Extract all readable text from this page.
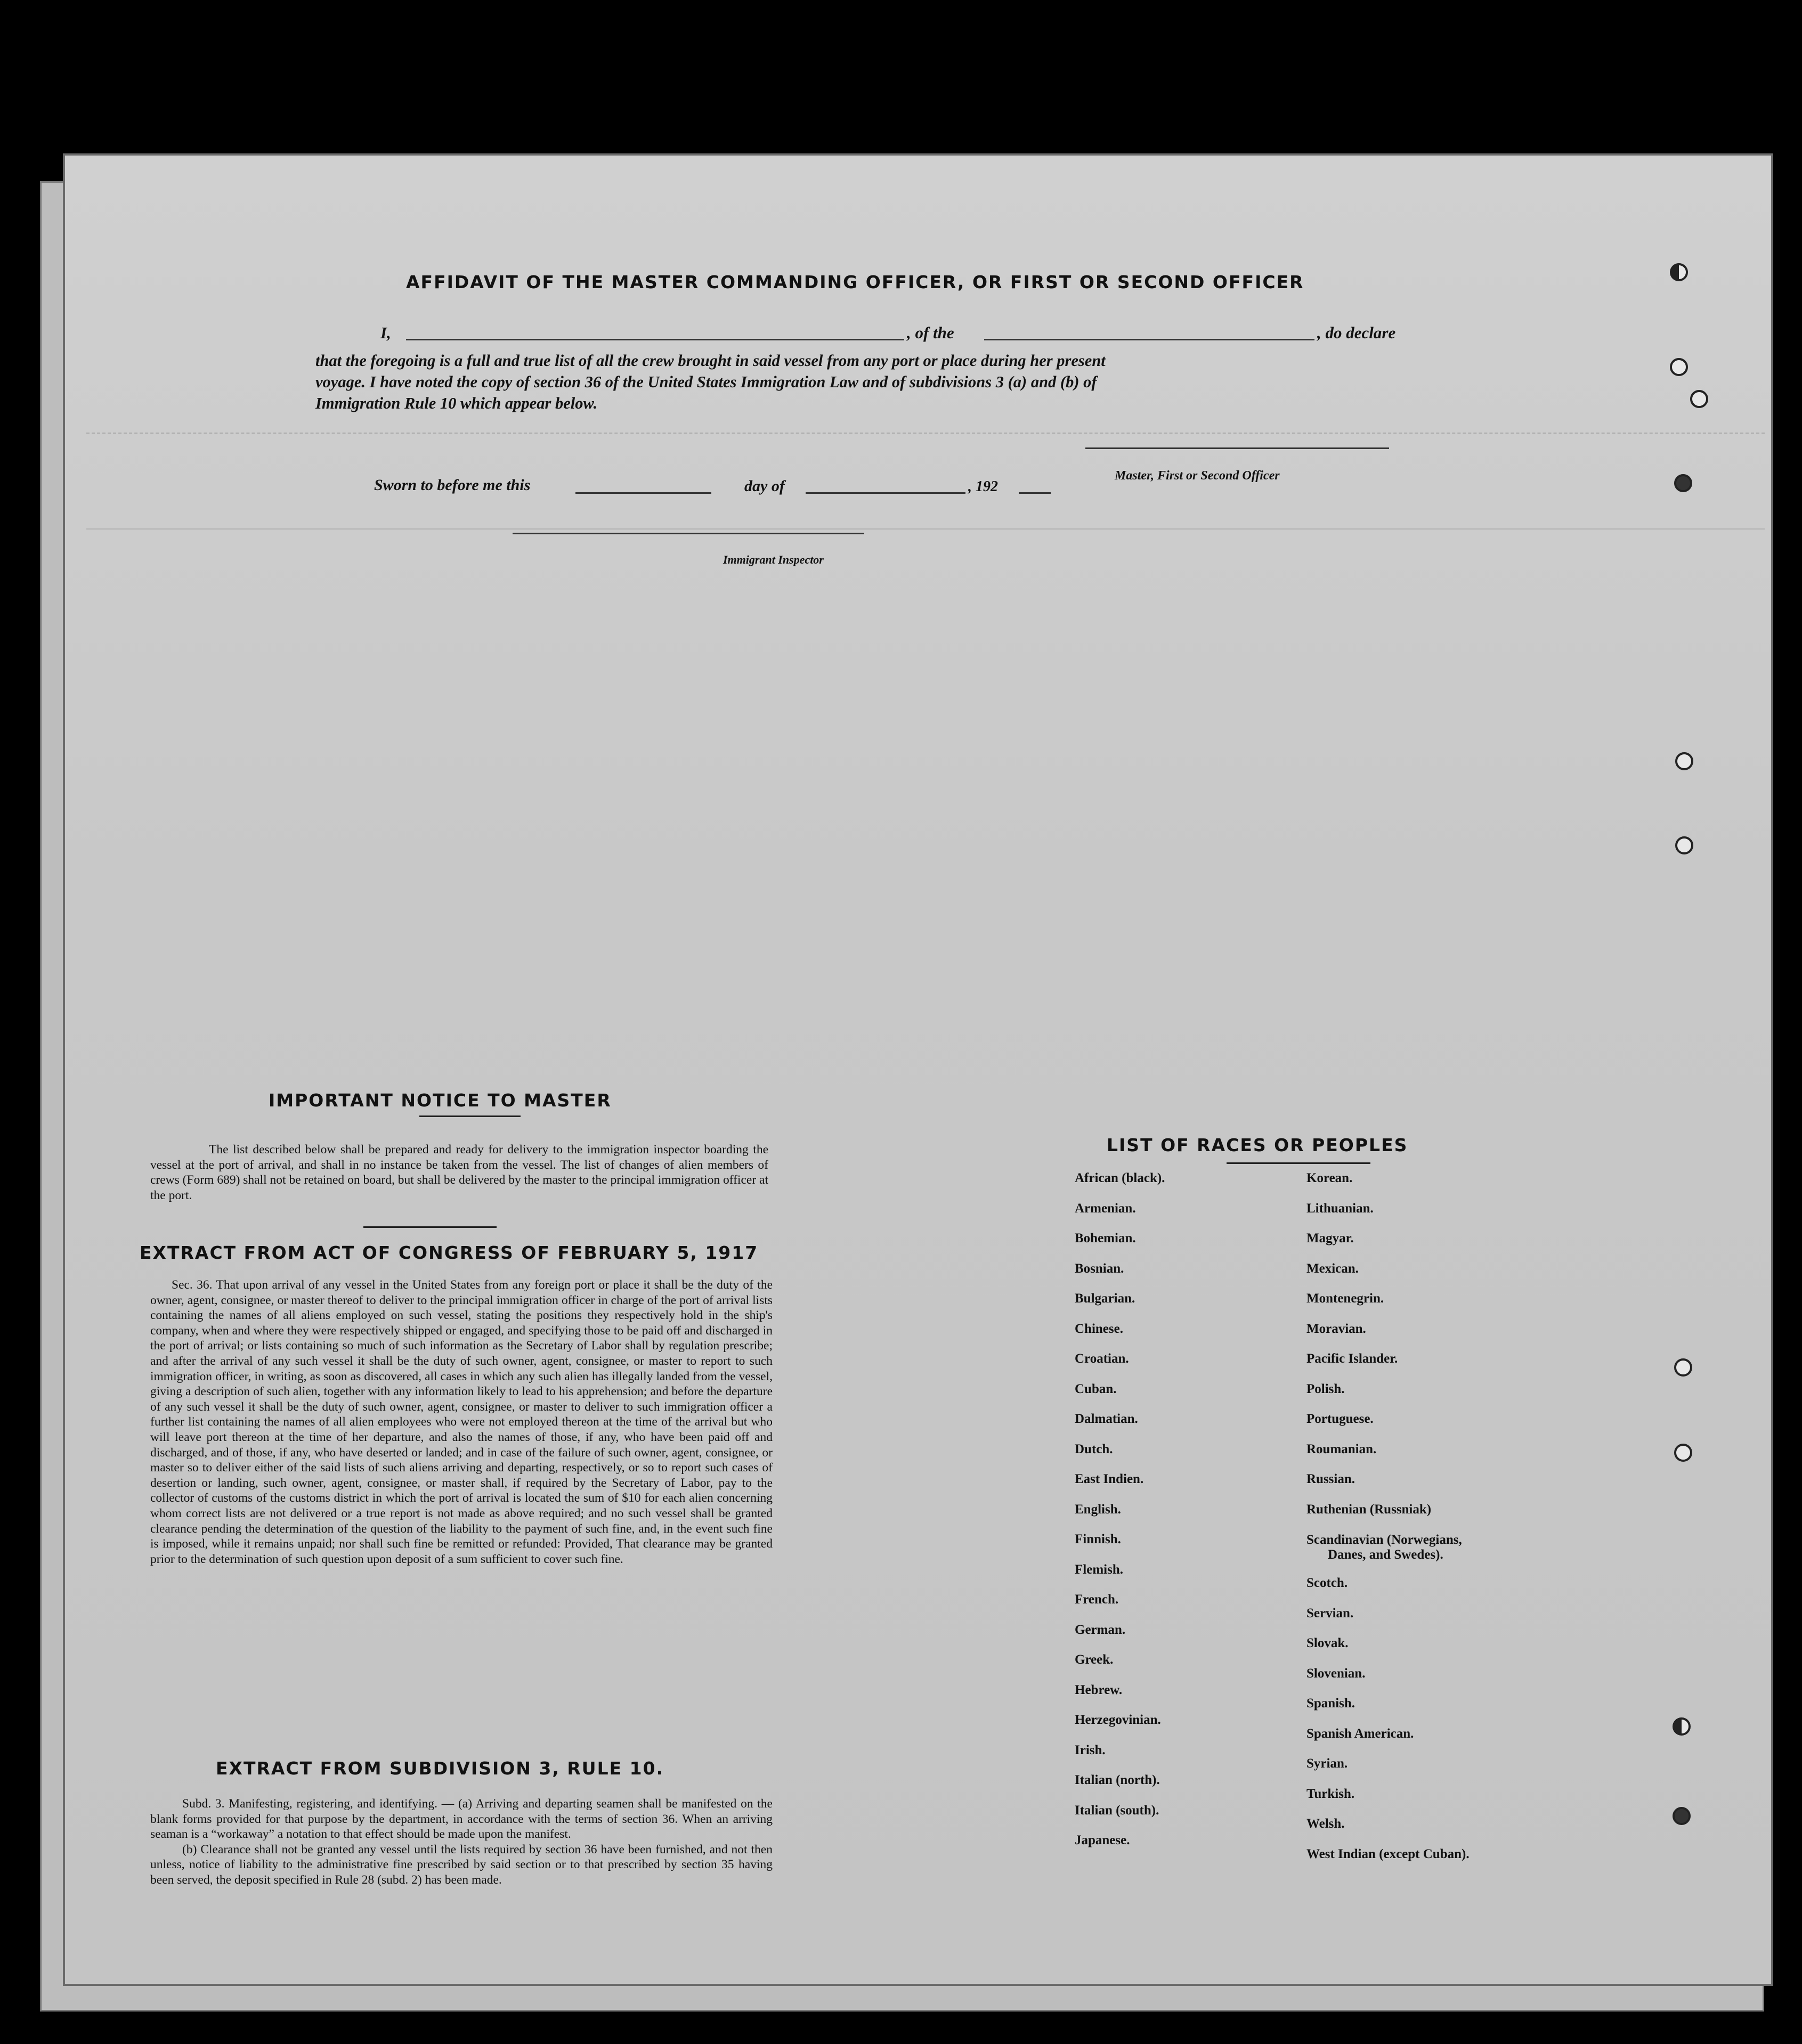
AFFIDAVIT OF THE MASTER COMMANDING OFFICER, OR FIRST OR SECOND OFFICER
I,	, of the	, do declare
that the foregoing is a full and true list of all the crew brought in said vessel from any port or place during her present
voyage. I have noted the copy of section 36 of the United States Immigration Law and of subdivisions 3 (a) and (b) of
Immigration Rule 10 which appear below.
Master, First or Second Officer
Sworn to before me this	day of	, 192
Immigrant Inspector
IMPORTANT NOTICE TO MASTER

The list described below shall be prepared and ready for delivery to the immigration inspector boarding the vessel at the port of arrival, and shall in no instance be taken from the vessel. The list of changes of alien members of crews (Form 689) shall not be retained on board, but shall be delivered by the master to the principal immigration officer at the port.

EXTRACT FROM ACT OF CONGRESS OF FEBRUARY 5, 1917

Sec. 36. That upon arrival of any vessel in the United States from any foreign port or place it shall be the duty of the owner, agent, consignee, or master thereof to deliver to the principal immigration officer in charge of the port of arrival lists containing the names of all aliens employed on such vessel, stating the positions they respectively hold in the ship's company, when and where they were respectively shipped or engaged, and specifying those to be paid off and discharged in the port of arrival; or lists containing so much of such information as the Secretary of Labor shall by regulation prescribe; and after the arrival of any such vessel it shall be the duty of such owner, agent, consignee, or master to report to such immigration officer, in writing, as soon as discovered, all cases in which any such alien has illegally landed from the vessel, giving a description of such alien, together with any information likely to lead to his apprehension; and before the departure of any such vessel it shall be the duty of such owner, agent, consignee, or master to deliver to such immigration officer a further list containing the names of all alien employees who were not employed thereon at the time of the arrival but who will leave port thereon at the time of her departure, and also the names of those, if any, who have been paid off and discharged, and of those, if any, who have deserted or landed; and in case of the failure of such owner, agent, consignee, or master so to deliver either of the said lists of such aliens arriving and departing, respectively, or so to report such cases of desertion or landing, such owner, agent, consignee, or master shall, if required by the Secretary of Labor, pay to the collector of customs of the customs district in which the port of arrival is located the sum of $10 for each alien concerning whom correct lists are not delivered or a true report is not made as above required; and no such vessel shall be granted clearance pending the determination of the question of the liability to the payment of such fine, and, in the event such fine is imposed, while it remains unpaid; nor shall such fine be remitted or refunded: Provided, That clearance may be granted prior to the determination of such question upon deposit of a sum sufficient to cover such fine.

EXTRACT FROM SUBDIVISION 3, RULE 10.

Subd. 3. Manifesting, registering, and identifying. — (a) Arriving and departing seamen shall be manifested on the blank forms provided for that purpose by the department, in accordance with the terms of section 36. When an arriving seaman is a “workaway” a notation to that effect should be made upon the manifest.

(b) Clearance shall not be granted any vessel until the lists required by section 36 have been furnished, and not then unless, notice of liability to the administrative fine prescribed by said section or to that prescribed by section 35 having been served, the deposit specified in Rule 28 (subd. 2) has been made.

LIST OF RACES OR PEOPLES
African (black).
Armenian.
Bohemian.
Bosnian.
Bulgarian.
Chinese.
Croatian.
Cuban.
Dalmatian.
Dutch.
East Indien.
English.
Finnish.
Flemish.
French.
German.
Greek.
Hebrew.
Herzegovinian.
Irish.
Italian (north).
Italian (south).
Japanese.
Korean.
Lithuanian.
Magyar.
Mexican.
Montenegrin.
Moravian.
Pacific Islander.
Polish.
Portuguese.
Roumanian.
Russian.
Ruthenian (Russniak)
Scandinavian (Norwegians,
Danes, and Swedes).
Scotch.
Servian.
Slovak.
Slovenian.
Spanish.
Spanish American.
Syrian.
Turkish.
Welsh.
West Indian (except Cuban).
